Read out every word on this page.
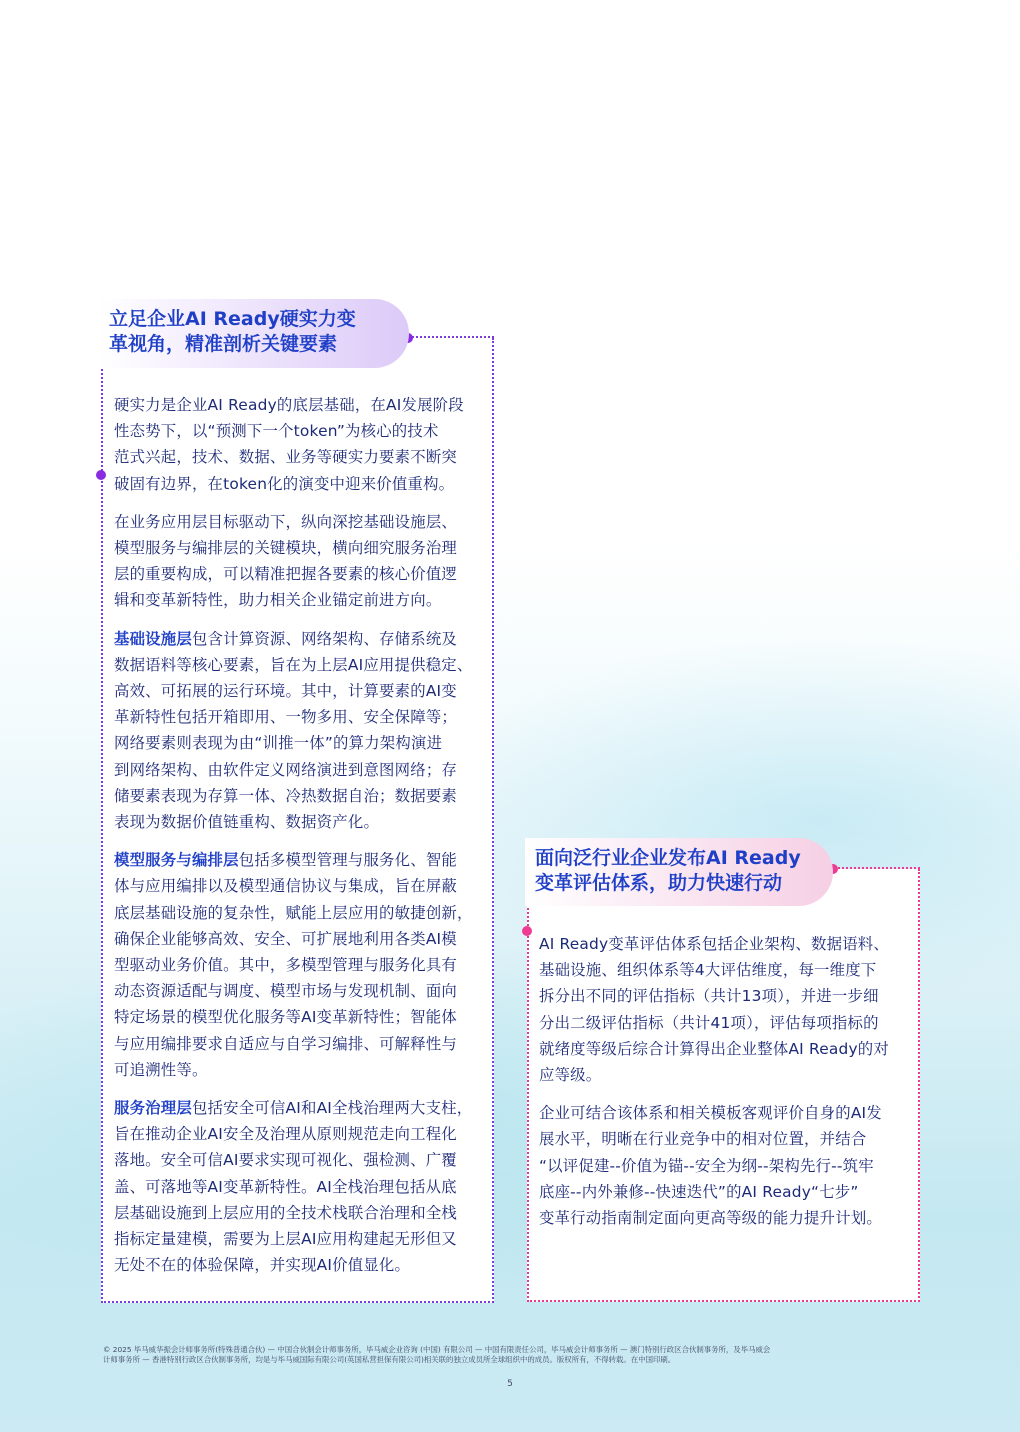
立足企业AI Ready硬实力变
革视角，精准剖析关键要素

硬实力是企业AI Ready的底层基础，在AI发展阶段
性态势下，以“预测下一个token”为核心的技术
范式兴起，技术、数据、业务等硬实力要素不断突
破固有边界，在token化的演变中迎来价值重构。

在业务应用层目标驱动下，纵向深挖基础设施层、
模型服务与编排层的关键模块，横向细究服务治理
层的重要构成，可以精准把握各要素的核心价值逻
辑和变革新特性，助力相关企业锚定前进方向。

基础设施层包含计算资源、网络架构、存储系统及
数据语料等核心要素，旨在为上层AI应用提供稳定、
高效、可拓展的运行环境。其中，计算要素的AI变
革新特性包括开箱即用、一物多用、安全保障等；
网络要素则表现为由“训推一体”的算力架构演进
到网络架构、由软件定义网络演进到意图网络；存
储要素表现为存算一体、冷热数据自治；数据要素
表现为数据价值链重构、数据资产化。

模型服务与编排层包括多模型管理与服务化、智能
体与应用编排以及模型通信协议与集成，旨在屏蔽
底层基础设施的复杂性，赋能上层应用的敏捷创新，
确保企业能够高效、安全、可扩展地利用各类AI模
型驱动业务价值。其中，多模型管理与服务化具有
动态资源适配与调度、模型市场与发现机制、面向
特定场景的模型优化服务等AI变革新特性；智能体
与应用编排要求自适应与自学习编排、可解释性与
可追溯性等。

服务治理层包括安全可信AI和AI全栈治理两大支柱，
旨在推动企业AI安全及治理从原则规范走向工程化
落地。安全可信AI要求实现可视化、强检测、广覆
盖、可落地等AI变革新特性。AI全栈治理包括从底
层基础设施到上层应用的全技术栈联合治理和全栈
指标定量建模，需要为上层AI应用构建起无形但又
无处不在的体验保障，并实现AI价值显化。

面向泛行业企业发布AI Ready
变革评估体系，助力快速行动

AI Ready变革评估体系包括企业架构、数据语料、
基础设施、组织体系等4大评估维度，每一维度下
拆分出不同的评估指标（共计13项），并进一步细
分出二级评估指标（共计41项），评估每项指标的
就绪度等级后综合计算得出企业整体AI Ready的对
应等级。

企业可结合该体系和相关模板客观评价自身的AI发
展水平，明晰在行业竞争中的相对位置，并结合
“以评促建--价值为锚--安全为纲--架构先行--筑牢
底座--内外兼修--快速迭代”的AI Ready“七步”
变革行动指南制定面向更高等级的能力提升计划。

© 2025 毕马威华振会计师事务所(特殊普通合伙) — 中国合伙制会计师事务所，毕马威企业咨询 (中国) 有限公司 — 中国有限责任公司，毕马威会计师事务所 — 澳门特别行政区合伙制事务所，及毕马威会
计师事务所 — 香港特别行政区合伙制事务所，均是与毕马威国际有限公司(英国私营担保有限公司)相关联的独立成员所全球组织中的成员。版权所有，不得转载。在中国印刷。
5
